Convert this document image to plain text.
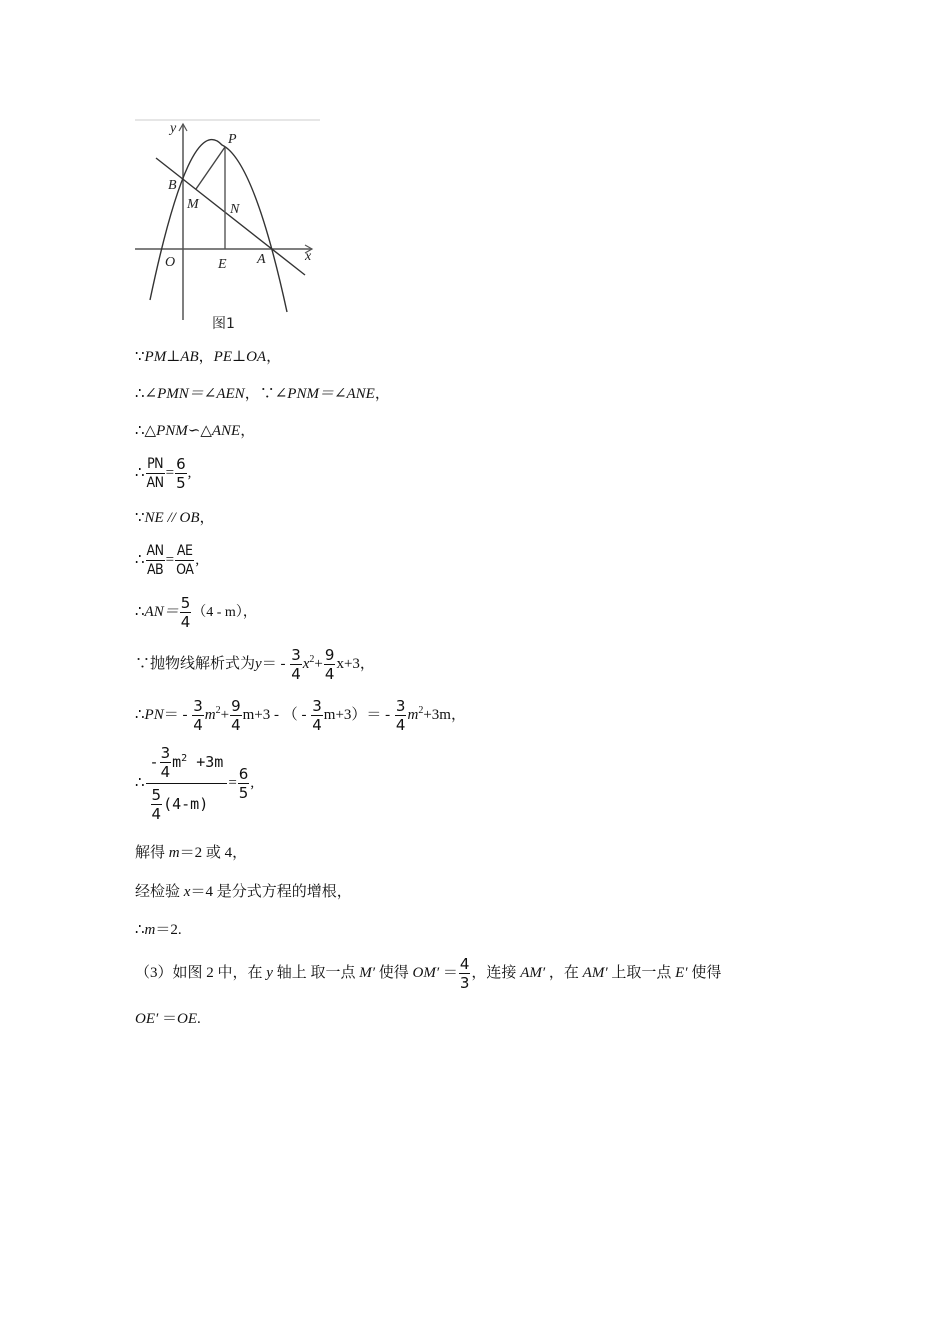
y
P
B
M N
O	E A	x
图1
∵PM⊥AB，PE⊥OA，
∴∠PMN＝∠AEN，∵∠PNM＝∠ANE，
∴△PNM∽△ANE，
∴ $\frac{PN}{AN} = \frac{6}{5}$ ,
∵NE // OB，
∴ $\frac{AN}{AB} = \frac{AE}{OA}$ ,
∴AN＝ $\frac{5}{4} (4 - m)$，
∵抛物线解析式为$y= - \frac{3}{4} x^2+ \frac{9}{4} x+3$，
∴PN＝ - $\frac{3}{4} m^2+ \frac{9}{4} m+3$ - （ - $\frac{3}{4} m+3)= - \frac{3}{4} m^2+3m$，
∴ $\frac{- \frac{3}{4} m^2 +3m}{\frac{5}{4} (4-m)} = \frac{6}{5}$ ,
解得 m＝2 或 4，
经检验 x＝4 是分式方程的增根，
∴m＝2.
（3）如图 2 中，在 y 轴上 取一点 M′ 使得 $OM' = \frac{4}{3}$ ，连接 AM′ ，在 AM′ 上取一点 E′ 使得
OE′ ＝OE.
